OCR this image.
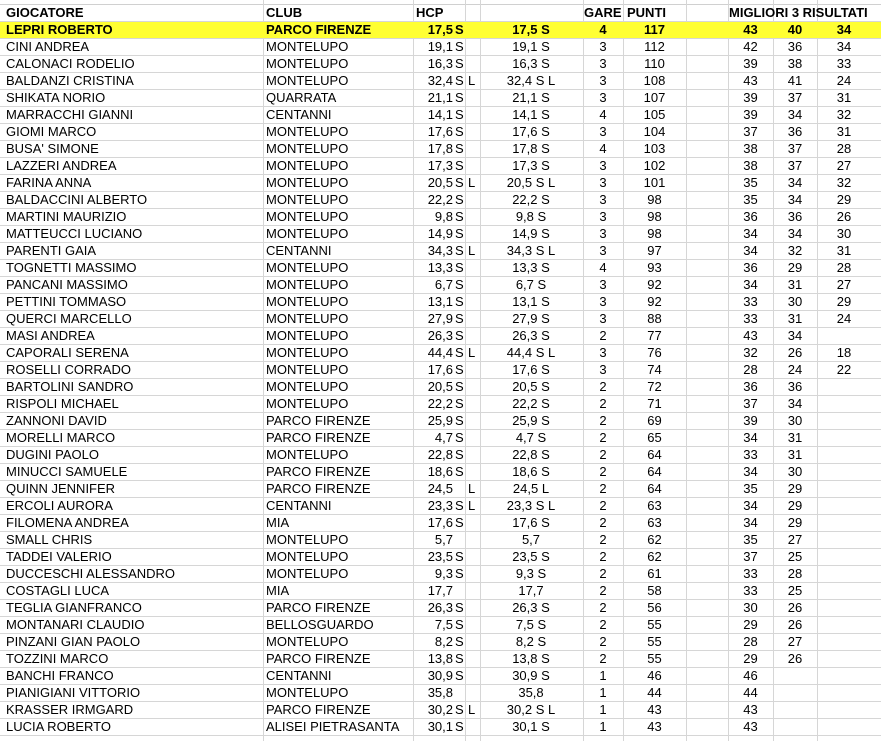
GIOCATORE	CLUB	HCP	GARE PUNTI	MIGLIORI 3 RISULTATI
LEPRI ROBERTO	PARCO FIRENZE	17,5 S	17,5 S	4	117	43	40	34
CINI ANDREA	MONTELUPO	19,1 S	19,1 S	3	112	42	36	34
CALONACI RODELIO	MONTELUPO	16,3 S	16,3 S	3	110	39	38	33
BALDANZI CRISTINA	MONTELUPO	32,4 S L	32,4 S L	3	108	43	41	24
SHIKATA NORIO	QUARRATA	21,1 S	21,1 S	3	107	39	37	31
MARRACCHI GIANNI	CENTANNI	14,1 S	14,1 S	4	105	39	34	32
GIOMI MARCO	MONTELUPO	17,6 S	17,6 S	3	104	37	36	31
BUSA' SIMONE	MONTELUPO	17,8 S	17,8 S	4	103	38	37	28
LAZZERI ANDREA	MONTELUPO	17,3 S	17,3 S	3	102	38	37	27
FARINA ANNA	MONTELUPO	20,5 S L	20,5 S L	3	101	35	34	32
BALDACCINI ALBERTO	MONTELUPO	22,2 S	22,2 S	3	98	35	34	29
MARTINI MAURIZIO	MONTELUPO	9,8 S	9,8 S	3	98	36	36	26
MATTEUCCI LUCIANO	MONTELUPO	14,9 S	14,9 S	3	98	34	34	30
PARENTI GAIA	CENTANNI	34,3 S L	34,3 S L	3	97	34	32	31
TOGNETTI MASSIMO	MONTELUPO	13,3 S	13,3 S	4	93	36	29	28
PANCANI MASSIMO	MONTELUPO	6,7 S	6,7 S	3	92	34	31	27
PETTINI TOMMASO	MONTELUPO	13,1 S	13,1 S	3	92	33	30	29
QUERCI MARCELLO	MONTELUPO	27,9 S	27,9 S	3	88	33	31	24
MASI ANDREA	MONTELUPO	26,3 S	26,3 S	2	77	43	34
CAPORALI SERENA	MONTELUPO	44,4 S L	44,4 S L	3	76	32	26	18
ROSELLI CORRADO	MONTELUPO	17,6 S	17,6 S	3	74	28	24	22
BARTOLINI SANDRO	MONTELUPO	20,5 S	20,5 S	2	72	36	36
RISPOLI MICHAEL	MONTELUPO	22,2 S	22,2 S	2	71	37	34
ZANNONI DAVID	PARCO FIRENZE	25,9 S	25,9 S	2	69	39	30
MORELLI MARCO	PARCO FIRENZE	4,7 S	4,7 S	2	65	34	31
DUGINI PAOLO	MONTELUPO	22,8 S	22,8 S	2	64	33	31
MINUCCI SAMUELE	PARCO FIRENZE	18,6 S	18,6 S	2	64	34	30
QUINN JENNIFER	PARCO FIRENZE	24,5 L	24,5 L	2	64	35	29
ERCOLI AURORA	CENTANNI	23,3 S L	23,3 S L	2	63	34	29
FILOMENA ANDREA	MIA	17,6 S	17,6 S	2	63	34	29
SMALL CHRIS	MONTELUPO	5,7	5,7	2	62	35	27
TADDEI VALERIO	MONTELUPO	23,5 S	23,5 S	2	62	37	25
DUCCESCHI ALESSANDRO	MONTELUPO	9,3 S	9,3 S	2	61	33	28
COSTAGLI LUCA	MIA	17,7	17,7	2	58	33	25
TEGLIA GIANFRANCO	PARCO FIRENZE	26,3 S	26,3 S	2	56	30	26
MONTANARI CLAUDIO	BELLOSGUARDO	7,5 S	7,5 S	2	55	29	26
PINZANI GIAN PAOLO	MONTELUPO	8,2 S	8,2 S	2	55	28	27
TOZZINI MARCO	PARCO FIRENZE	13,8 S	13,8 S	2	55	29	26
BANCHI FRANCO	CENTANNI	30,9 S	30,9 S	1	46	46
PIANIGIANI VITTORIO	MONTELUPO	35,8	35,8	1	44	44
KRASSER IRMGARD	PARCO FIRENZE	30,2 S L	30,2 S L	1	43	43
LUCIA ROBERTO	ALISEI PIETRASANTA	30,1 S	30,1 S	1	43	43
